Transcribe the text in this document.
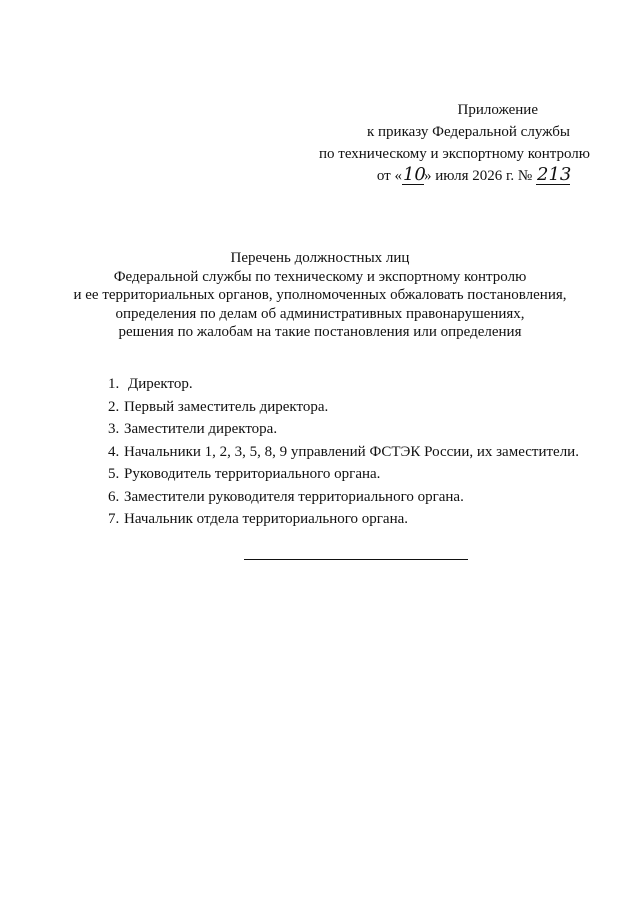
Приложение
к приказу Федеральной службы
по техническому и экспортному контролю
от «10» июля 2026 г. № 213
Перечень должностных лиц
Федеральной службы по техническому и экспортному контролю
и ее территориальных органов, уполномоченных обжаловать постановления,
определения по делам об административных правонарушениях,
решения по жалобам на такие постановления или определения
1. Директор.
2. Первый заместитель директора.
3. Заместители директора.
4. Начальники 1, 2, 3, 5, 8, 9 управлений ФСТЭК России, их заместители.
5. Руководитель территориального органа.
6. Заместители руководителя территориального органа.
7. Начальник отдела территориального органа.
